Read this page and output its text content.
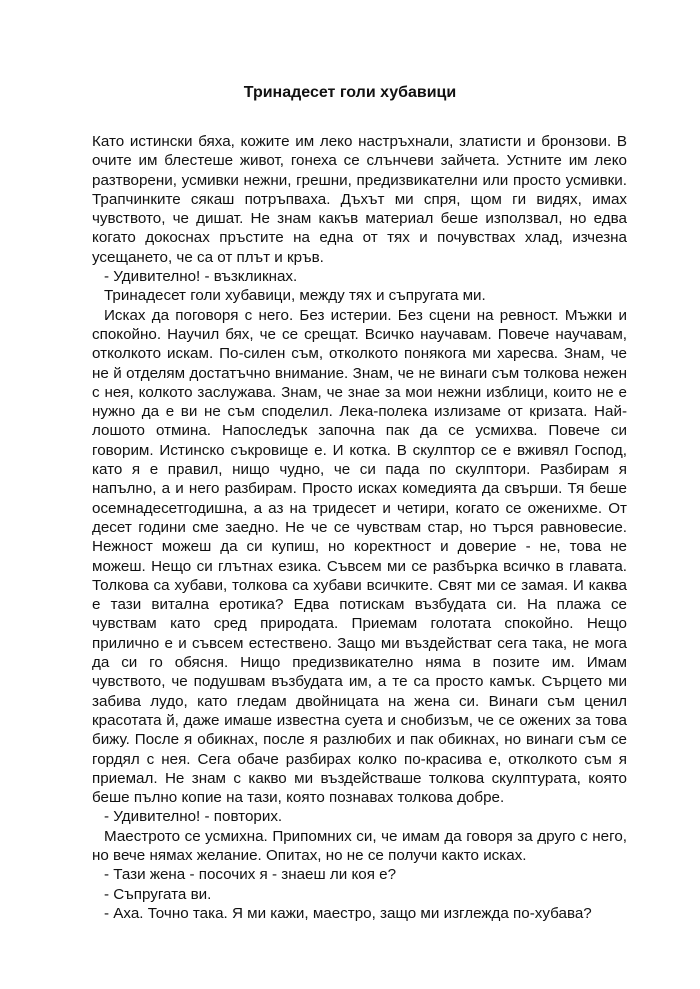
Тринадесет голи хубавици

Като истински бяха, кожите им леко настръхнали, златисти и бронзови. В очите им блестеше живот, гонеха се слънчеви зайчета. Устните им леко разтворени, усмивки нежни, грешни, предизвикателни или просто усмивки. Трапчинките сякаш потръпваха. Дъхът ми спря, щом ги видях, имах чувството, че дишат. Не знам какъв материал беше използвал, но едва когато докоснах пръстите на една от тях и почувствах хлад, изчезна усещането, че са от плът и кръв.

- Удивително! - възкликнах.

Тринадесет голи хубавици, между тях и съпругата ми.

Исках да поговоря с него. Без истерии. Без сцени на ревност. Мъжки и спокойно. Научил бях, че се срещат. Всичко научавам. Повече научавам, отколкото искам. По-силен съм, отколкото понякога ми харесва. Знам, че не й отделям достатъчно внимание. Знам, че не винаги съм толкова нежен с нея, колкото заслужава. Знам, че знае за мои нежни изблици, които не е нужно да е ви не съм споделил. Лека-полека излизаме от кризата. Най-лошото отмина. Напоследък започна пак да се усмихва. Повече си говорим. Истинско съкровище е. И котка. В скулптор се е вживял Господ, като я е правил, нищо чудно, че си пада по скулптори. Разбирам я напълно, а и него разбирам. Просто искаx комедията да свърши. Тя беше осемнадесетгодишна, а аз на тридесет и четири, когато се оженихме. От десет години сме заедно. Не че се чувствам стар, но търся равновесие. Нежност можеш да си купиш, но коректност и доверие - не, това не можеш. Нещо си глътнах езика. Съвсем ми се разбърка всичко в главата. Толкова са хубави, толкова са хубави всичките. Свят ми се замая. И каква е тази витална еротика? Едва потискам възбудата си. На плажа се чувствам като сред природата. Приемам голотата спокойно. Нещо прилично е и съвсем естествено. Защо ми въздействат сега така, не мога да си го обясня. Нищо предизвикателно няма в позите им. Имам чувството, че подушвам възбудата им, а те са просто камък. Сърцето ми забива лудо, като гледам двойницата на жена си. Винаги съм ценил красотата й, даже имаше известна суета и снобизъм, че се ожених за това бижу. После я обикнах, после я разлюбих и пак обикнах, но винаги съм се гордял с нея. Сега обаче разбирах колко по-красива е, отколкото съм я приемал. Не знам с какво ми въздействаше толкова скулптурата, която беше пълно копие на тази, която познавах толкова добре.

- Удивително! - повторих.

Маестрото се усмихна. Припомних си, че имам да говоря за друго с него, но вече нямах желание. Опитах, но не се получи както исках.

- Тази жена - посочих я - знаеш ли коя е?

- Съпругата ви.

- Аха. Точно така. Я ми кажи, маестро, защо ми изглежда по-хубава?
